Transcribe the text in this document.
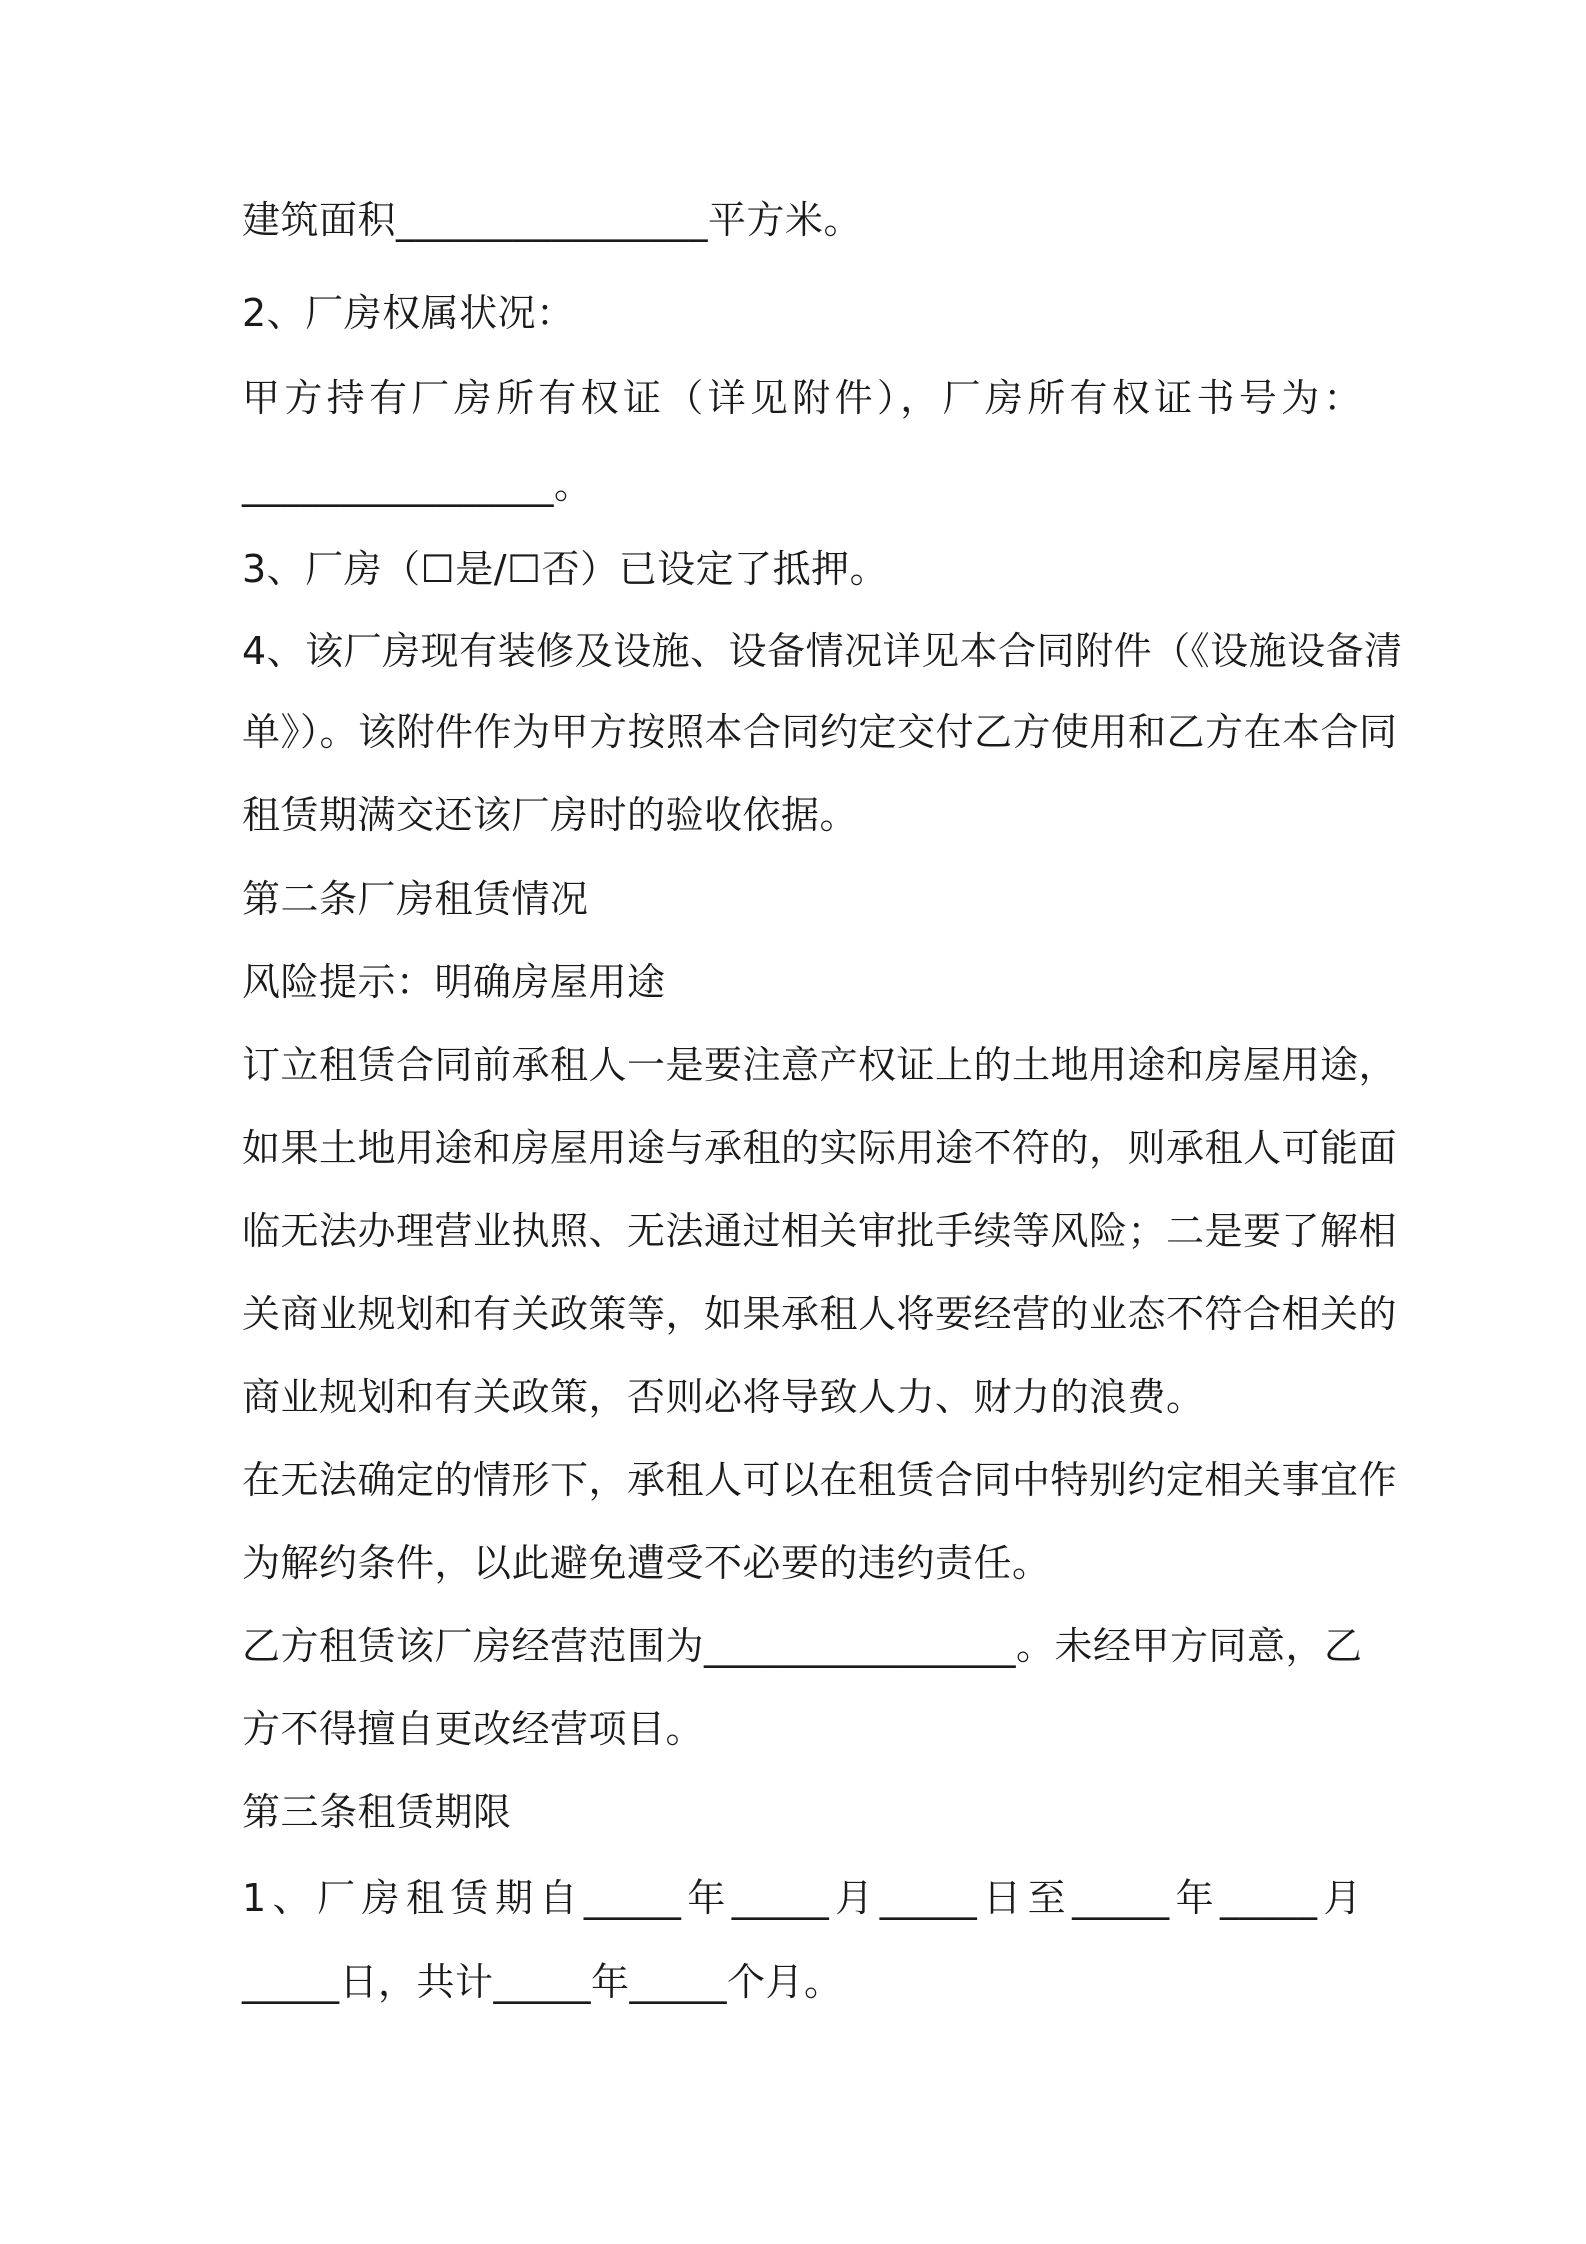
建筑面积________________平方米。
2、厂房权属状况：
甲方持有厂房所有权证（详见附件），厂房所有权证书号为：
________________。
3、厂房（☐是/☐否）已设定了抵押。
4、该厂房现有装修及设施、设备情况详见本合同附件（《设施设备清
单》）。该附件作为甲方按照本合同约定交付乙方使用和乙方在本合同
租赁期满交还该厂房时的验收依据。
第二条厂房租赁情况
风险提示：明确房屋用途
订立租赁合同前承租人一是要注意产权证上的土地用途和房屋用途，
如果土地用途和房屋用途与承租的实际用途不符的，则承租人可能面
临无法办理营业执照、无法通过相关审批手续等风险；二是要了解相
关商业规划和有关政策等，如果承租人将要经营的业态不符合相关的
商业规划和有关政策，否则必将导致人力、财力的浪费。
在无法确定的情形下，承租人可以在租赁合同中特别约定相关事宜作
为解约条件，以此避免遭受不必要的违约责任。
乙方租赁该厂房经营范围为________________。未经甲方同意，乙
方不得擅自更改经营项目。
第三条租赁期限
1、厂房租赁期自_____年_____月_____日至_____年_____月
_____日，共计_____年_____个月。
